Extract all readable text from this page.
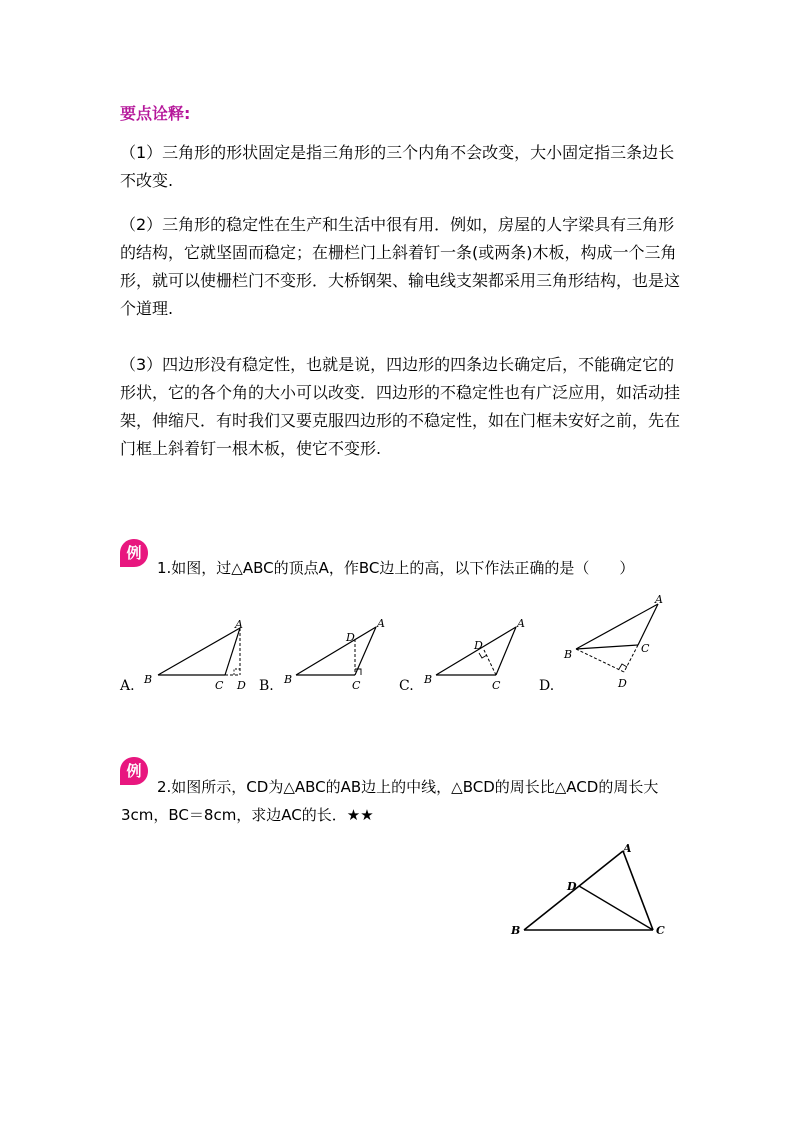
要点诠释:
（1）三角形的形状固定是指三角形的三个内角不会改变，大小固定指三条边长不改变.
（2）三角形的稳定性在生产和生活中很有用．例如，房屋的人字梁具有三角形的结构，它就坚固而稳定；在栅栏门上斜着钉一条(或两条)木板，构成一个三角形，就可以使栅栏门不变形．大桥钢架、输电线支架都采用三角形结构，也是这个道理.
（3）四边形没有稳定性，也就是说，四边形的四条边长确定后，不能确定它的形状，它的各个角的大小可以改变．四边形的不稳定性也有广泛应用，如活动挂架，伸缩尺．有时我们又要克服四边形的不稳定性，如在门框未安好之前，先在门框上斜着钉一根木板，使它不变形.
例
1.如图，过△ABC的顶点A，作BC边上的高，以下作法正确的是（　　）
A.	B.	C.	D.
A
B	C D
A
B	C
D
A
B	C
D
A
B	C
D
例
2.如图所示，CD为△ABC的AB边上的中线，△BCD的周长比△ACD的周长大3cm，BC＝8cm，求边AC的长．★★
A
B	C
D
